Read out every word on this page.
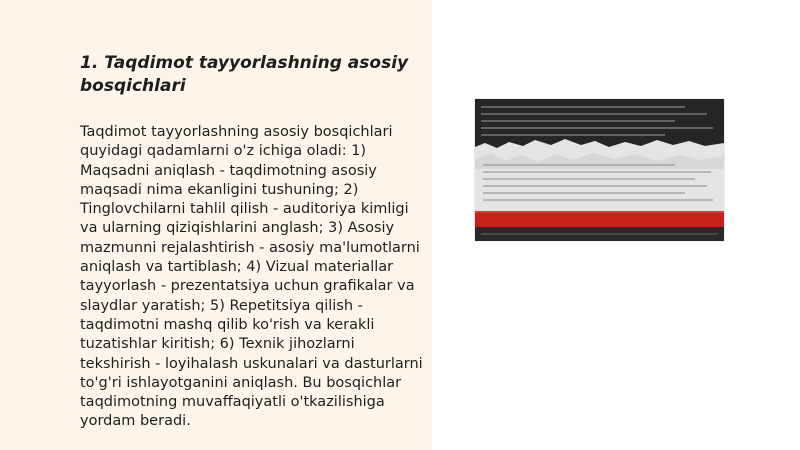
1. Taqdimot tayyorlashning asosiy bosqichlari

Taqdimot tayyorlashning asosiy bosqichlari quyidagi qadamlarni o'z ichiga oladi: 1) Maqsadni aniqlash - taqdimotning asosiy maqsadi nima ekanligini tushuning; 2) Tinglovchilarni tahlil qilish - auditoriya kimligi va ularning qiziqishlarini anglash; 3) Asosiy mazmunni rejalashtirish - asosiy ma'lumotlarni aniqlash va tartiblash; 4) Vizual materiallar tayyorlash - prezentatsiya uchun grafikalar va slaydlar yaratish; 5) Repetitsiya qilish - taqdimotni mashq qilib ko'rish va kerakli tuzatishlar kiritish; 6) Texnik jihozlarni tekshirish - loyihalash uskunalari va dasturlarni to'g'ri ishlayotganini aniqlash. Bu bosqichlar taqdimotning muvaffaqiyatli o'tkazilishiga yordam beradi.
